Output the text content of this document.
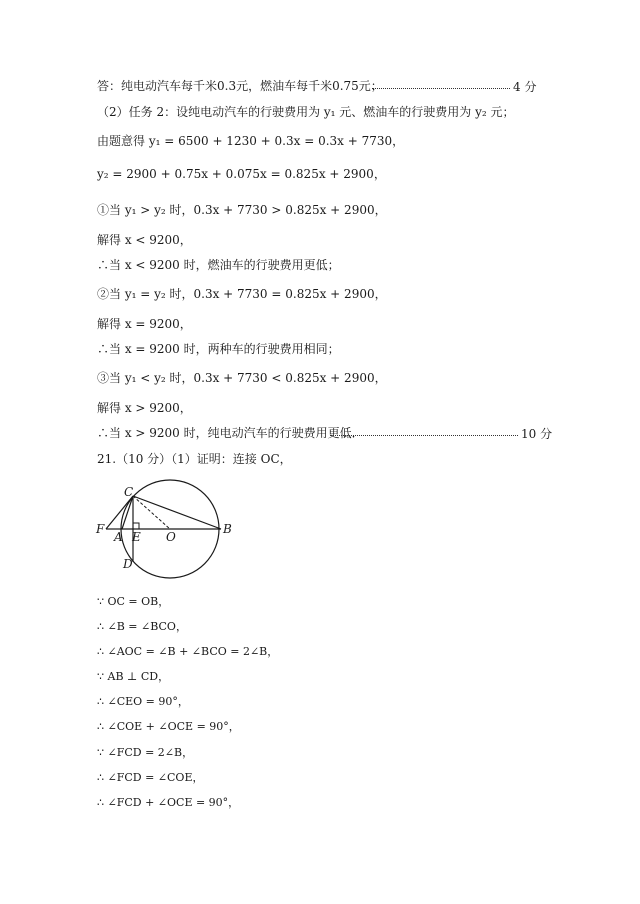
答：纯电动汽车每千米0.3元，燃油车每千米0.75元；	4 分
（2）任务 2：设纯电动汽车的行驶费用为 y₁ 元、燃油车的行驶费用为 y₂ 元；
由题意得 y₁ = 6500 + 1230 + 0.3x = 0.3x + 7730，
y₂ = 2900 + 0.75x + 0.075x = 0.825x + 2900，
①当 y₁ > y₂ 时，0.3x + 7730 > 0.825x + 2900，
解得 x < 9200，
∴当 x < 9200 时，燃油车的行驶费用更低；
②当 y₁ = y₂ 时，0.3x + 7730 = 0.825x + 2900，
解得 x = 9200，
∴当 x = 9200 时，两种车的行驶费用相同；
③当 y₁ < y₂ 时，0.3x + 7730 < 0.825x + 2900，
解得 x > 9200，
∴当 x > 9200 时，纯电动汽车的行驶费用更低．	10 分
21.（10 分）（1）证明：连接 OC，
C
F
A E O
B
D
∵ OC = OB，
∴ ∠B = ∠BCO，
∴ ∠AOC = ∠B + ∠BCO = 2∠B，
∵ AB ⊥ CD，
∴ ∠CEO = 90°，
∴ ∠COE + ∠OCE = 90°，
∵ ∠FCD = 2∠B，
∴ ∠FCD = ∠COE，
∴ ∠FCD + ∠OCE = 90°，
